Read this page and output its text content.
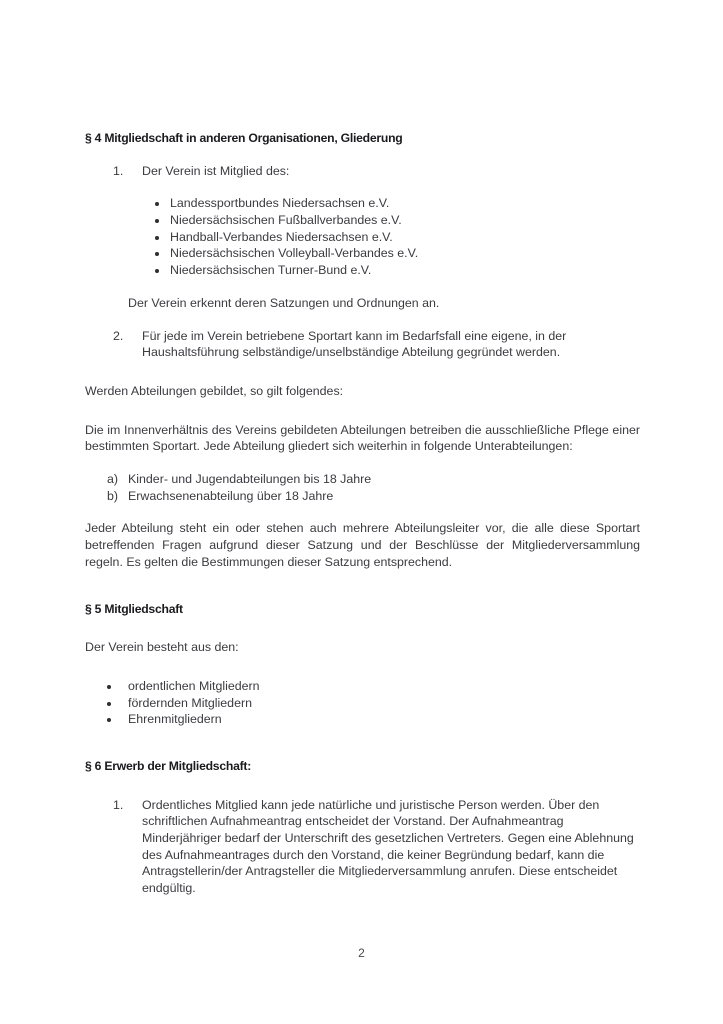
§ 4 Mitgliedschaft in anderen Organisationen, Gliederung
1.	Der Verein ist Mitglied des:
Landessportbundes Niedersachsen e.V.
Niedersächsischen Fußballverbandes e.V.
Handball-Verbandes Niedersachsen e.V.
Niedersächsischen Volleyball-Verbandes e.V.
Niedersächsischen Turner-Bund e.V.

Der Verein erkennt deren Satzungen und Ordnungen an.

2.	Für jede im Verein betriebene Sportart kann im Bedarfsfall eine eigene, in der Haushaltsführung selbständige/unselbständige Abteilung gegründet werden.

Werden Abteilungen gebildet, so gilt folgendes:

Die im Innenverhältnis des Vereins gebildeten Abteilungen betreiben die ausschließliche Pflege einer bestimmten Sportart. Jede Abteilung gliedert sich weiterhin in folgende Unterabteilungen:

a) Kinder- und Jugendabteilungen bis 18 Jahre
b) Erwachsenenabteilung über 18 Jahre

Jeder Abteilung steht ein oder stehen auch mehrere Abteilungsleiter vor, die alle diese Sportart betreffenden Fragen aufgrund dieser Satzung und der Beschlüsse der Mitgliederversammlung regeln. Es gelten die Bestimmungen dieser Satzung entsprechend.

§ 5 Mitgliedschaft

Der Verein besteht aus den:

ordentlichen Mitgliedern
fördernden Mitgliedern
Ehrenmitgliedern
§ 6 Erwerb der Mitgliedschaft:
1.	Ordentliches Mitglied kann jede natürliche und juristische Person werden. Über den schriftlichen Aufnahmeantrag entscheidet der Vorstand. Der Aufnahmeantrag Minderjähriger bedarf der Unterschrift des gesetzlichen Vertreters. Gegen eine Ablehnung des Aufnahmeantrages durch den Vorstand, die keiner Begründung bedarf, kann die Antragstellerin/der Antragsteller die Mitgliederversammlung anrufen. Diese entscheidet endgültig.
2
